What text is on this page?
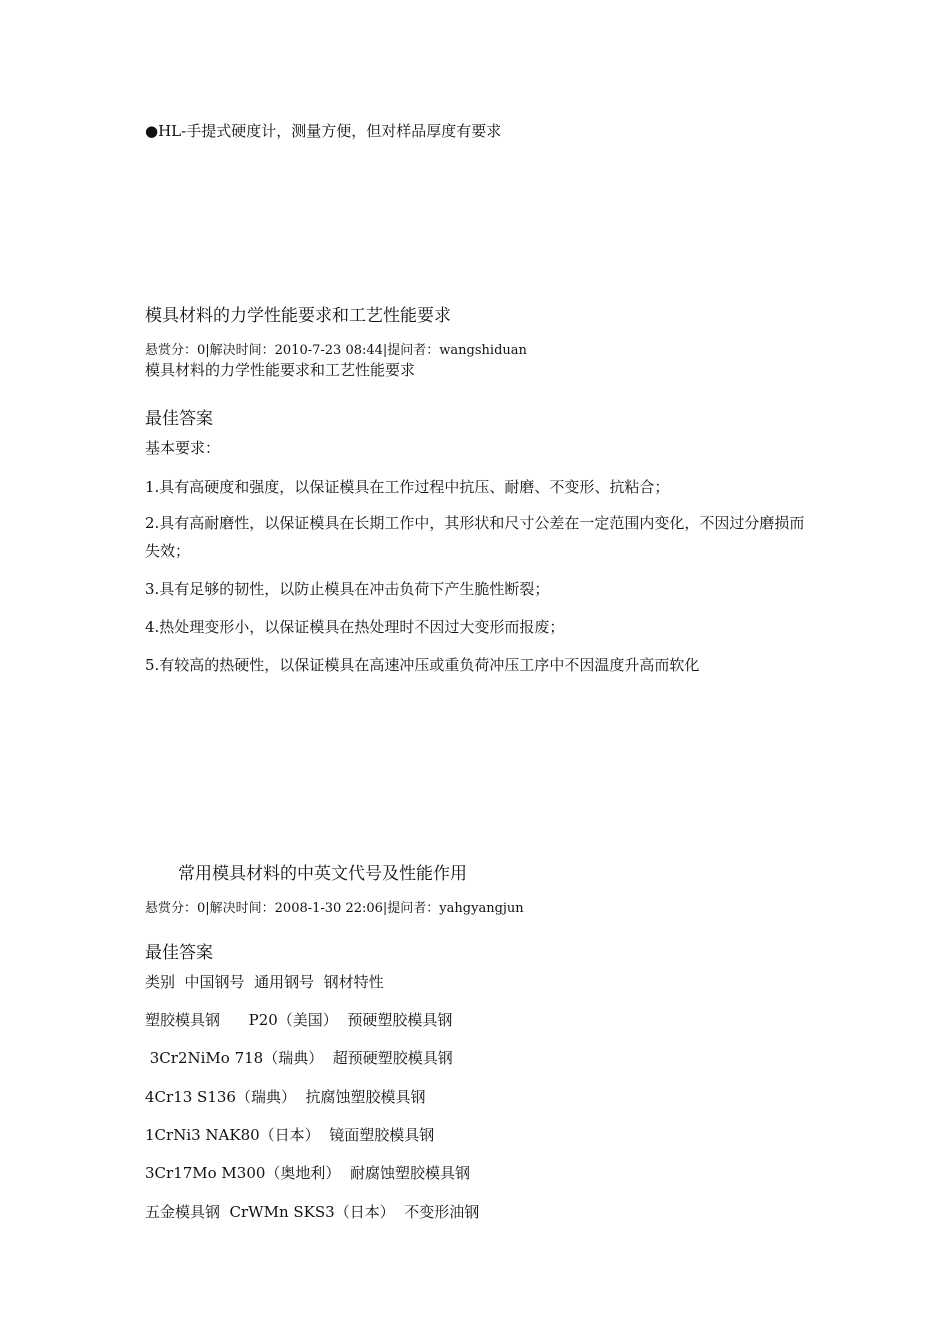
●HL-手提式硬度计，测量方便，但对样品厚度有要求
模具材料的力学性能要求和工艺性能要求
悬赏分：0|解决时间：2010-7-23 08:44|提问者：wangshiduan
模具材料的力学性能要求和工艺性能要求
最佳答案
基本要求：
1.具有高硬度和强度，以保证模具在工作过程中抗压、耐磨、不变形、抗粘合；
2.具有高耐磨性，以保证模具在长期工作中，其形状和尺寸公差在一定范围内变化，不因过分磨损而失效；
3.具有足够的韧性，以防止模具在冲击负荷下产生脆性断裂；
4.热处理变形小，以保证模具在热处理时不因过大变形而报废；
5.有较高的热硬性，以保证模具在高速冲压或重负荷冲压工序中不因温度升高而软化
常用模具材料的中英文代号及性能作用
悬赏分：0|解决时间：2008-1-30 22:06|提问者：yahgyangjun
最佳答案
类别  中国钢号  通用钢号  钢材特性
塑胶模具钢      P20（美国）  预硬塑胶模具钢
3Cr2NiMo 718（瑞典）  超预硬塑胶模具钢
4Cr13 S136（瑞典）  抗腐蚀塑胶模具钢
1CrNi3 NAK80（日本）  镜面塑胶模具钢
3Cr17Mo M300（奥地利）  耐腐蚀塑胶模具钢
五金模具钢  CrWMn SKS3（日本）  不变形油钢
